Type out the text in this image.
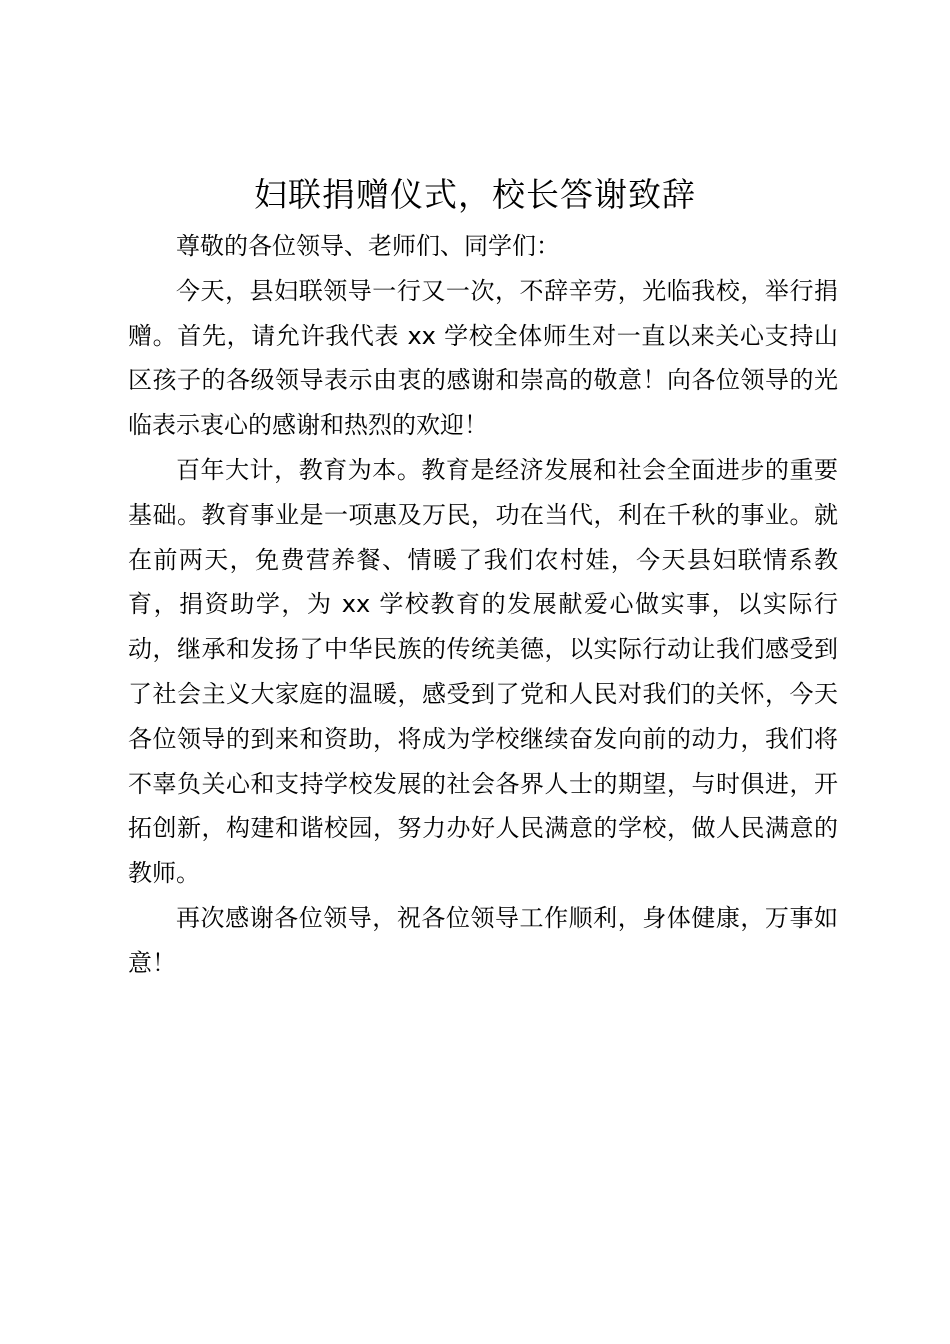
妇联捐赠仪式，校长答谢致辞

尊敬的各位领导、老师们、同学们：

今天，县妇联领导一行又一次，不辞辛劳，光临我校，举行捐赠。首先，请允许我代表 xx 学校全体师生对一直以来关心支持山区孩子的各级领导表示由衷的感谢和崇高的敬意！向各位领导的光临表示衷心的感谢和热烈的欢迎！

百年大计，教育为本。教育是经济发展和社会全面进步的重要基础。教育事业是一项惠及万民，功在当代，利在千秋的事业。就在前两天，免费营养餐、情暖了我们农村娃，今天县妇联情系教育，捐资助学，为 xx 学校教育的发展献爱心做实事，以实际行动，继承和发扬了中华民族的传统美德，以实际行动让我们感受到了社会主义大家庭的温暖，感受到了党和人民对我们的关怀，今天各位领导的到来和资助，将成为学校继续奋发向前的动力，我们将不辜负关心和支持学校发展的社会各界人士的期望，与时俱进，开拓创新，构建和谐校园，努力办好人民满意的学校，做人民满意的教师。

再次感谢各位领导，祝各位领导工作顺利，身体健康，万事如意！
